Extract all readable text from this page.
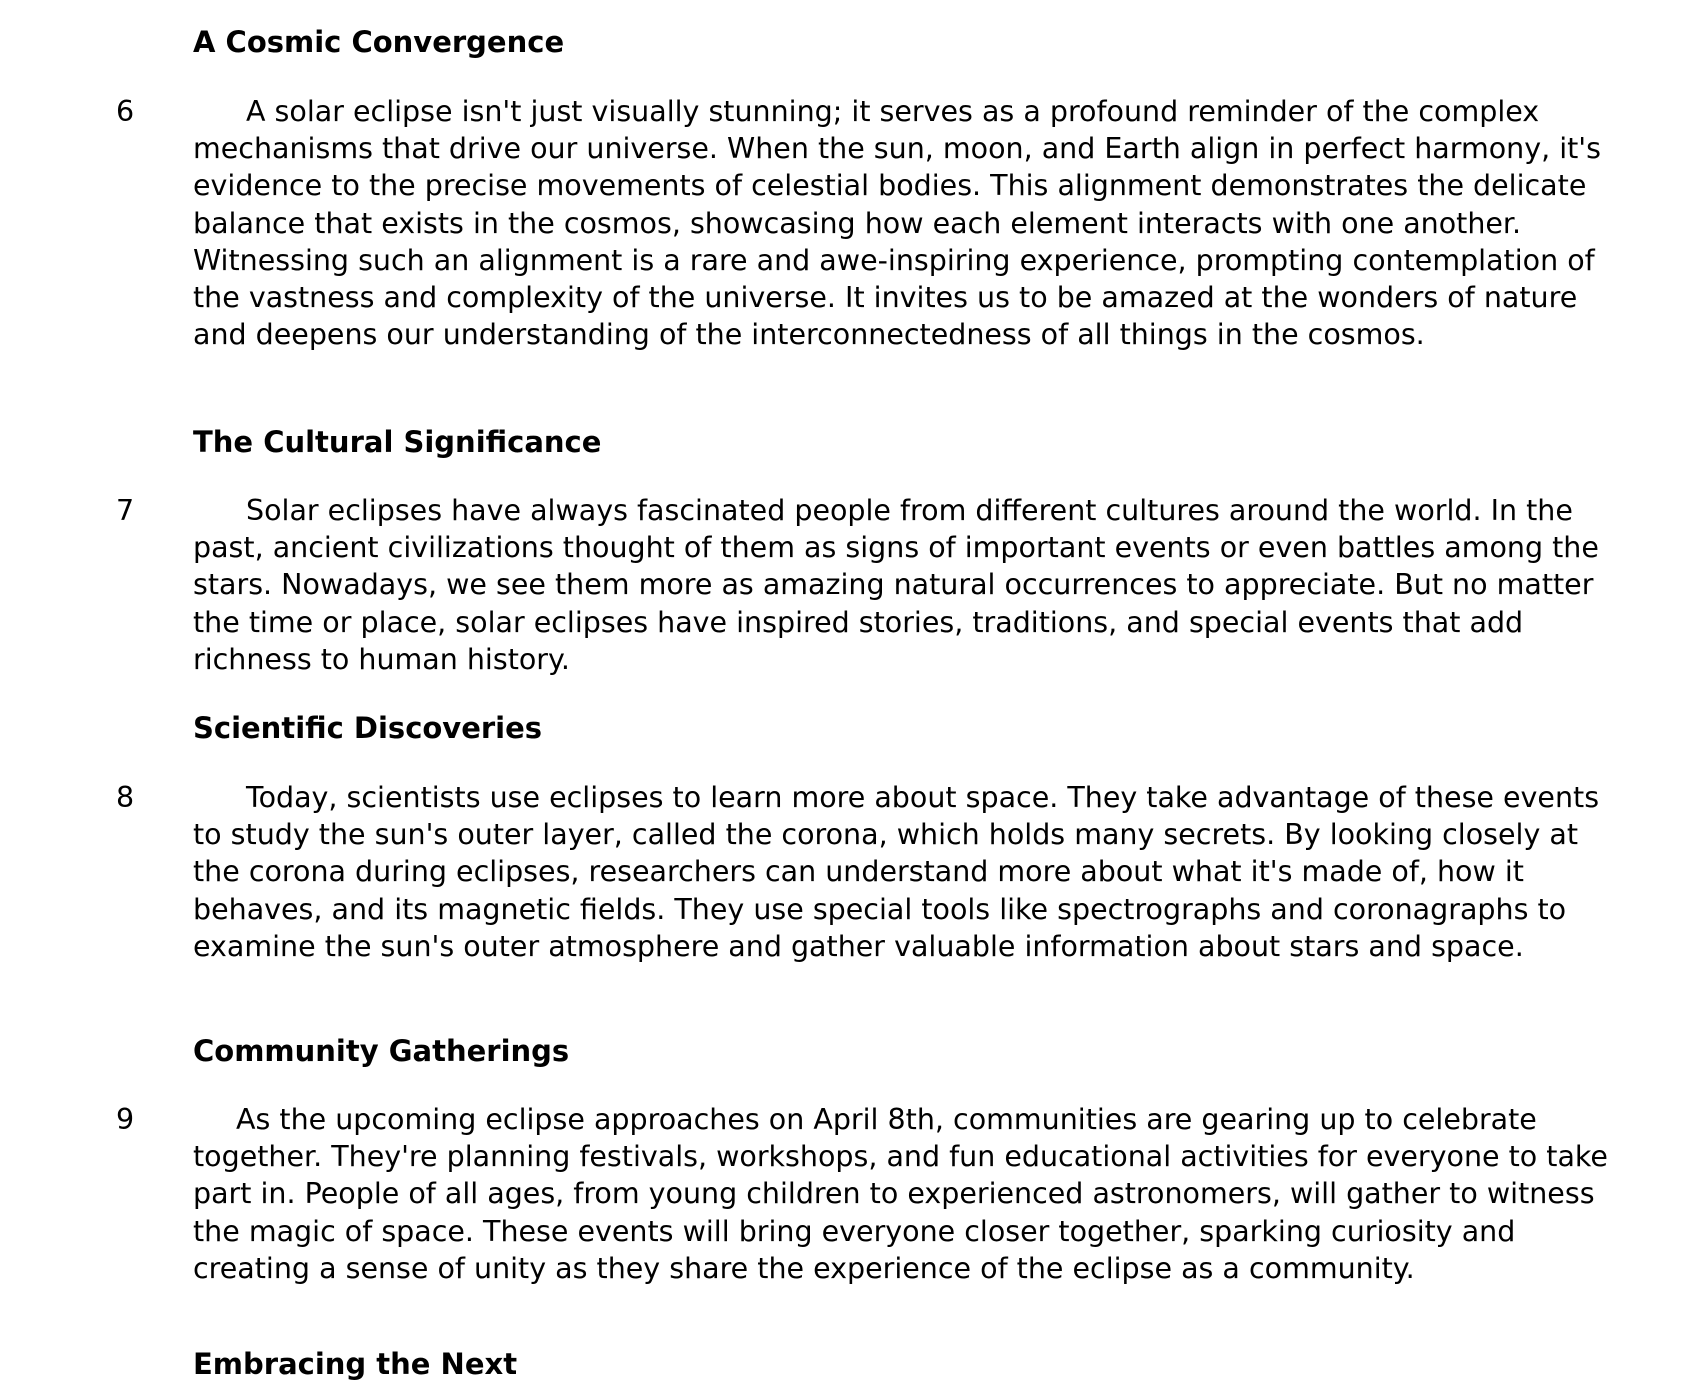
A Cosmic Convergence
6	A solar eclipse isn't just visually stunning; it serves as a profound reminder of the complex mechanisms that drive our universe. When the sun, moon, and Earth align in perfect harmony, it's evidence to the precise movements of celestial bodies. This alignment demonstrates the delicate balance that exists in the cosmos, showcasing how each element interacts with one another. Witnessing such an alignment is a rare and awe-inspiring experience, prompting contemplation of the vastness and complexity of the universe. It invites us to be amazed at the wonders of nature and deepens our understanding of the interconnectedness of all things in the cosmos.

The Cultural Significance
7	Solar eclipses have always fascinated people from different cultures around the world. In the past, ancient civilizations thought of them as signs of important events or even battles among the stars. Nowadays, we see them more as amazing natural occurrences to appreciate. But no matter the time or place, solar eclipses have inspired stories, traditions, and special events that add richness to human history.

Scientific Discoveries
8	Today, scientists use eclipses to learn more about space. They take advantage of these events to study the sun's outer layer, called the corona, which holds many secrets. By looking closely at the corona during eclipses, researchers can understand more about what it's made of, how it behaves, and its magnetic fields. They use special tools like spectrographs and coronagraphs to examine the sun's outer atmosphere and gather valuable information about stars and space.

Community Gatherings
9	As the upcoming eclipse approaches on April 8th, communities are gearing up to celebrate together. They're planning festivals, workshops, and fun educational activities for everyone to take part in. People of all ages, from young children to experienced astronomers, will gather to witness the magic of space. These events will bring everyone closer together, sparking curiosity and creating a sense of unity as they share the experience of the eclipse as a community.

Embracing the Next
